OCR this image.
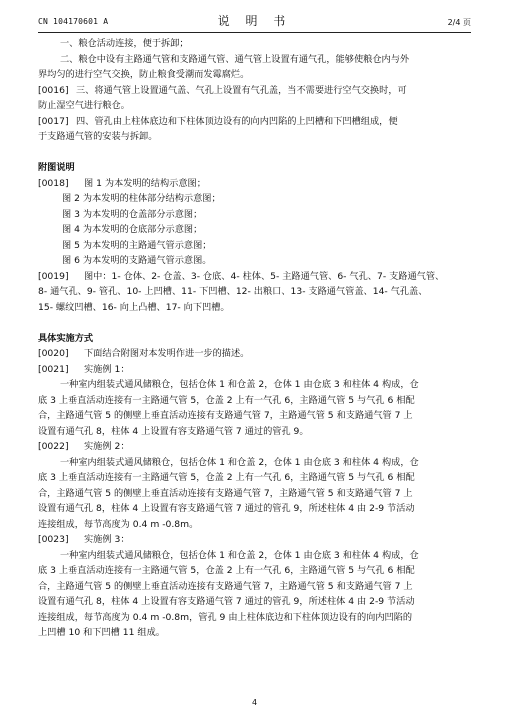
CN 104170601 A	说 明 书	2/4 页
一、粮仓活动连接，便于拆卸；
二、粮仓中设有主路通气管和支路通气管、通气管上设置有通气孔，能够使粮仓内与外
界均匀的进行空气交换，防止粮食受潮而发霉腐烂。
[0016] 三、将通气管上设置通气盖、气孔上设置有气孔盖，当不需要进行空气交换时，可
防止湿空气进行粮仓。
[0017] 四、管孔由上柱体底边和下柱体顶边设有的向内凹陷的上凹槽和下凹槽组成，便
于支路通气管的安装与拆卸。
附图说明
[0018] 图 1 为本发明的结构示意图；
图 2 为本发明的柱体部分结构示意图；
图 3 为本发明的仓盖部分示意图；
图 4 为本发明的仓底部分示意图；
图 5 为本发明的主路通气管示意图；
图 6 为本发明的支路通气管示意图。
[0019] 图中：1- 仓体、2- 仓盖、3- 仓底、4- 柱体、5- 主路通气管、6- 气孔、7- 支路通气管、
8- 通气孔、9- 管孔、10- 上凹槽、11- 下凹槽、12- 出粮口、13- 支路通气管盖、14- 气孔盖、
15- 螺纹凹槽、16- 向上凸槽、17- 向下凹槽。
具体实施方式
[0020] 下面结合附图对本发明作进一步的描述。
[0021] 实施例 1：
一种室内组装式通风储粮仓，包括仓体 1 和仓盖 2，仓体 1 由仓底 3 和柱体 4 构成，仓
底 3 上垂直活动连接有一主路通气管 5，仓盖 2 上有一气孔 6，主路通气管 5 与气孔 6 相配
合，主路通气管 5 的侧壁上垂直活动连接有支路通气管 7，主路通气管 5 和支路通气管 7 上
设置有通气孔 8，柱体 4 上设置有容支路通气管 7 通过的管孔 9。
[0022] 实施例 2：
一种室内组装式通风储粮仓，包括仓体 1 和仓盖 2，仓体 1 由仓底 3 和柱体 4 构成，仓
底 3 上垂直活动连接有一主路通气管 5，仓盖 2 上有一气孔 6，主路通气管 5 与气孔 6 相配
合，主路通气管 5 的侧壁上垂直活动连接有支路通气管 7，主路通气管 5 和支路通气管 7 上
设置有通气孔 8，柱体 4 上设置有容支路通气管 7 通过的管孔 9，所述柱体 4 由 2-9 节活动
连接组成，每节高度为 0.4 m -0.8m。
[0023] 实施例 3：
一种室内组装式通风储粮仓，包括仓体 1 和仓盖 2，仓体 1 由仓底 3 和柱体 4 构成，仓
底 3 上垂直活动连接有一主路通气管 5，仓盖 2 上有一气孔 6，主路通气管 5 与气孔 6 相配
合，主路通气管 5 的侧壁上垂直活动连接有支路通气管 7，主路通气管 5 和支路通气管 7 上
设置有通气孔 8，柱体 4 上设置有容支路通气管 7 通过的管孔 9，所述柱体 4 由 2-9 节活动
连接组成，每节高度为 0.4 m -0.8m，管孔 9 由上柱体底边和下柱体顶边设有的向内凹陷的
上凹槽 10 和下凹槽 11 组成。
4
